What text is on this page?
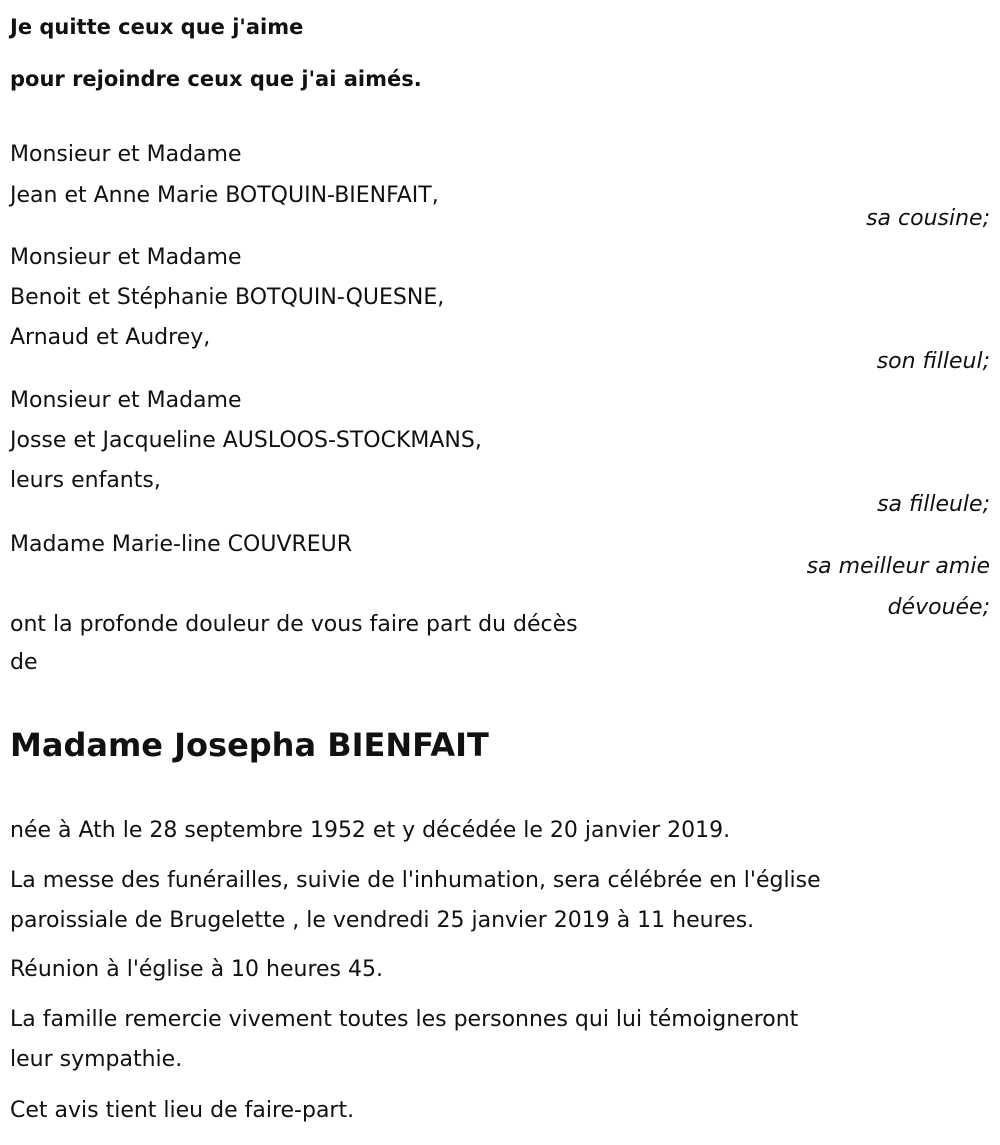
Je quitte ceux que j'aime
pour rejoindre ceux que j'ai aimés.
Monsieur et Madame
Jean et Anne Marie BOTQUIN-BIENFAIT,
sa cousine;
Monsieur et Madame
Benoit et Stéphanie BOTQUIN-QUESNE,
Arnaud et Audrey,
son filleul;
Monsieur et Madame
Josse et Jacqueline AUSLOOS-STOCKMANS,
leurs enfants,
sa filleule;
Madame Marie-line COUVREUR
sa meilleur amie
dévouée;
ont la profonde douleur de vous faire part du décès
de
Madame Josepha BIENFAIT
née à Ath le 28 septembre 1952 et y décédée le 20 janvier 2019.
La messe des funérailles, suivie de l'inhumation, sera célébrée en l'église
paroissiale de Brugelette , le vendredi 25 janvier 2019 à 11 heures.
Réunion à l'église à 10 heures 45.
La famille remercie vivement toutes les personnes qui lui témoigneront
leur sympathie.
Cet avis tient lieu de faire-part.
